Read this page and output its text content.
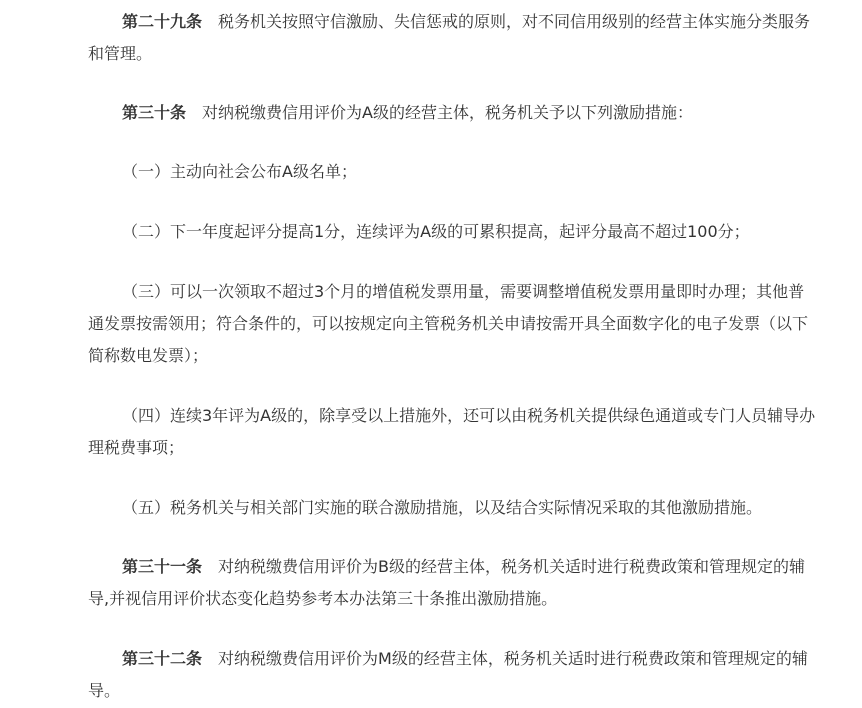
第二十九条 税务机关按照守信激励、失信惩戒的原则，对不同信用级别的经营主体实施分类服务和管理。

第三十条 对纳税缴费信用评价为A级的经营主体，税务机关予以下列激励措施：

（一）主动向社会公布A级名单；

（二）下一年度起评分提高1分，连续评为A级的可累积提高，起评分最高不超过100分；

（三）可以一次领取不超过3个月的增值税发票用量，需要调整增值税发票用量即时办理；其他普通发票按需领用；符合条件的，可以按规定向主管税务机关申请按需开具全面数字化的电子发票（以下简称数电发票）；

（四）连续3年评为A级的，除享受以上措施外，还可以由税务机关提供绿色通道或专门人员辅导办理税费事项；

（五）税务机关与相关部门实施的联合激励措施，以及结合实际情况采取的其他激励措施。

第三十一条 对纳税缴费信用评价为B级的经营主体，税务机关适时进行税费政策和管理规定的辅导,并视信用评价状态变化趋势参考本办法第三十条推出激励措施。

第三十二条 对纳税缴费信用评价为M级的经营主体，税务机关适时进行税费政策和管理规定的辅导。
